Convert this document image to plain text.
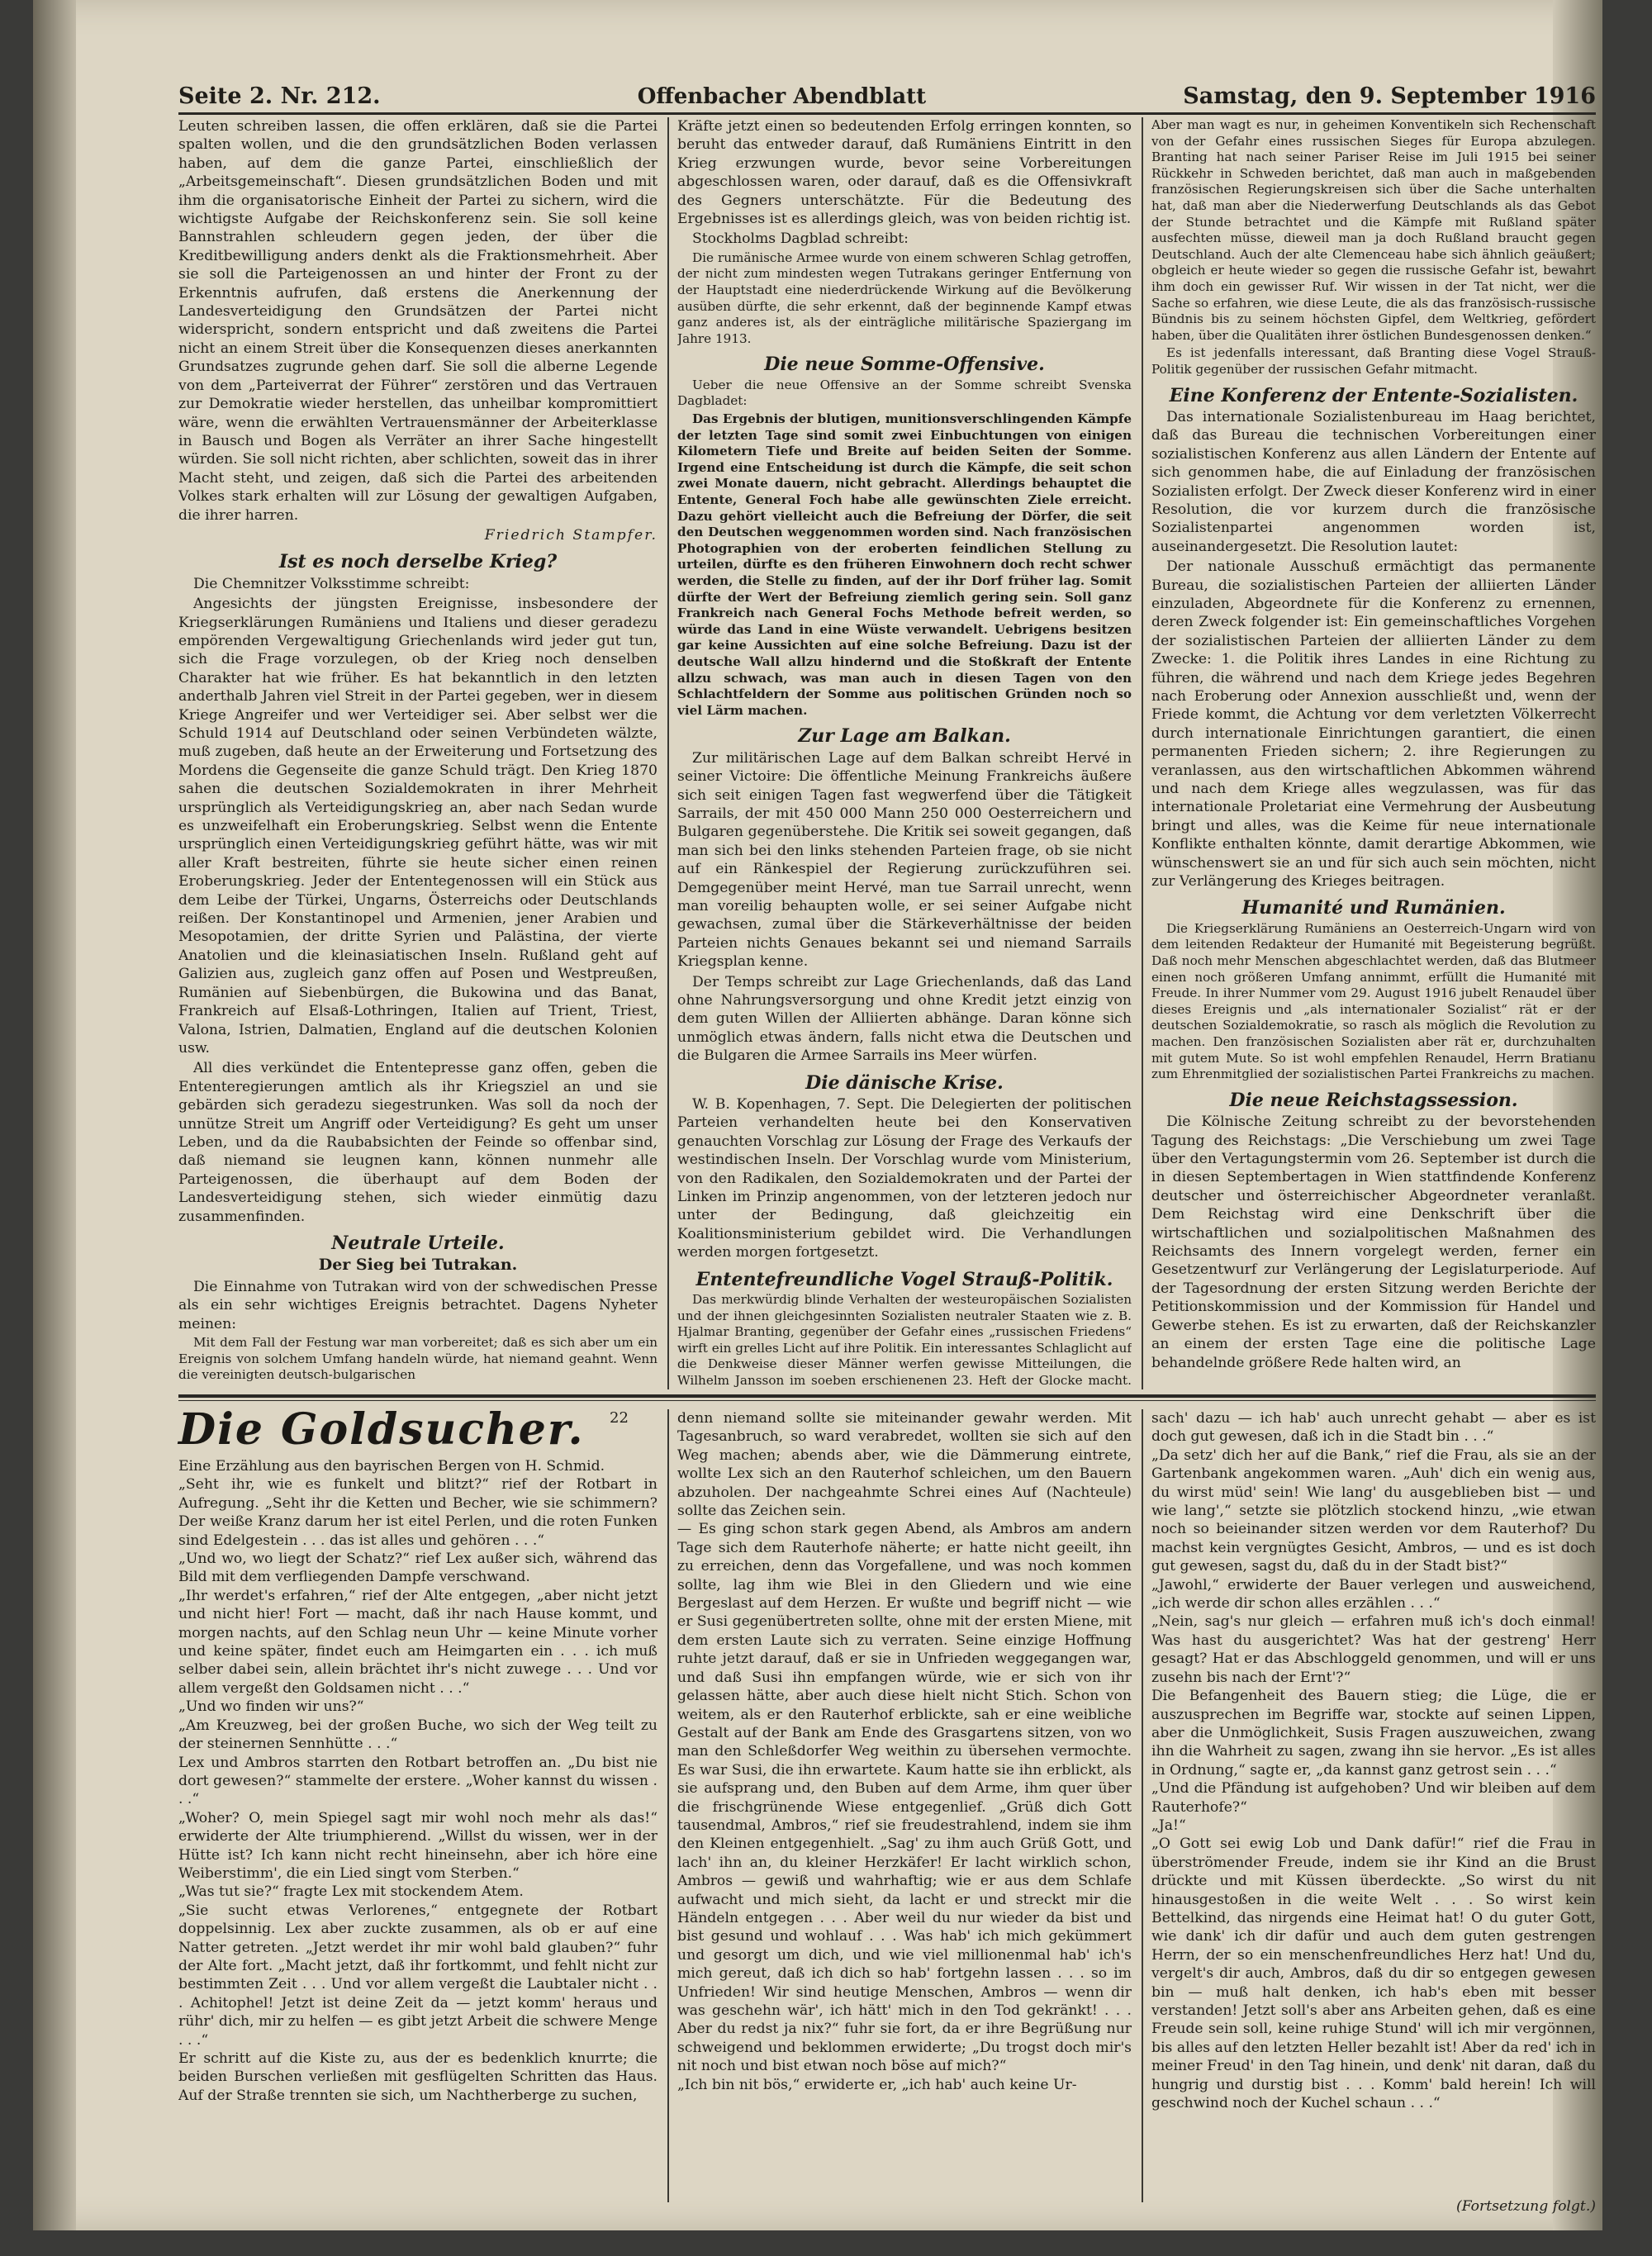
Seite 2. Nr. 212.	Offenbacher Abendblatt	Samstag, den 9. September 1916

Leuten schreiben lassen, die offen erklären, daß sie die Partei spalten wollen, und die den grundsätzlichen Boden verlassen haben, auf dem die ganze Partei, einschließlich der „Arbeitsgemeinschaft“. Diesen grundsätzlichen Boden und mit ihm die organisatorische Einheit der Partei zu sichern, wird die wichtigste Aufgabe der Reichskonferenz sein. Sie soll keine Bannstrahlen schleudern gegen jeden, der über die Kreditbewilligung anders denkt als die Fraktionsmehrheit. Aber sie soll die Parteigenossen an und hinter der Front zu der Erkenntnis aufrufen, daß erstens die Anerkennung der Landesverteidigung den Grundsätzen der Partei nicht widerspricht, sondern entspricht und daß zweitens die Partei nicht an einem Streit über die Konsequenzen dieses anerkannten Grundsatzes zugrunde gehen darf. Sie soll die alberne Legende von dem „Parteiverrat der Führer“ zerstören und das Vertrauen zur Demokratie wieder herstellen, das unheilbar kompromittiert wäre, wenn die erwählten Vertrauensmänner der Arbeiterklasse in Bausch und Bogen als Verräter an ihrer Sache hingestellt würden. Sie soll nicht richten, aber schlichten, soweit das in ihrer Macht steht, und zeigen, daß sich die Partei des arbeitenden Volkes stark erhalten will zur Lösung der gewaltigen Aufgaben, die ihrer harren.

Friedrich Stampfer.
Ist es noch derselbe Krieg?

Die Chemnitzer Volksstimme schreibt:

Angesichts der jüngsten Ereignisse, insbesondere der Kriegserklärungen Rumäniens und Italiens und dieser geradezu empörenden Vergewaltigung Griechenlands wird jeder gut tun, sich die Frage vorzulegen, ob der Krieg noch denselben Charakter hat wie früher. Es hat bekanntlich in den letzten anderthalb Jahren viel Streit in der Partei gegeben, wer in diesem Kriege Angreifer und wer Verteidiger sei. Aber selbst wer die Schuld 1914 auf Deutschland oder seinen Verbündeten wälzte, muß zugeben, daß heute an der Erweiterung und Fortsetzung des Mordens die Gegenseite die ganze Schuld trägt. Den Krieg 1870 sahen die deutschen Sozialdemokraten in ihrer Mehrheit ursprünglich als Verteidigungskrieg an, aber nach Sedan wurde es unzweifelhaft ein Eroberungskrieg. Selbst wenn die Entente ursprünglich einen Verteidigungskrieg geführt hätte, was wir mit aller Kraft bestreiten, führte sie heute sicher einen reinen Eroberungskrieg. Jeder der Ententegenossen will ein Stück aus dem Leibe der Türkei, Ungarns, Österreichs oder Deutschlands reißen. Der Konstantinopel und Armenien, jener Arabien und Mesopotamien, der dritte Syrien und Palästina, der vierte Anatolien und die kleinasiatischen Inseln. Rußland geht auf Galizien aus, zugleich ganz offen auf Posen und Westpreußen, Rumänien auf Siebenbürgen, die Bukowina und das Banat, Frankreich auf Elsaß-Lothringen, Italien auf Trient, Triest, Valona, Istrien, Dalmatien, England auf die deutschen Kolonien usw.

All dies verkündet die Ententepresse ganz offen, geben die Ententeregierungen amtlich als ihr Kriegsziel an und sie gebärden sich geradezu siegestrunken. Was soll da noch der unnütze Streit um Angriff oder Verteidigung? Es geht um unser Leben, und da die Raubabsichten der Feinde so offenbar sind, daß niemand sie leugnen kann, können nunmehr alle Parteigenossen, die überhaupt auf dem Boden der Landesverteidigung stehen, sich wieder einmütig dazu zusammenfinden.

Neutrale Urteile.
Der Sieg bei Tutrakan.

Die Einnahme von Tutrakan wird von der schwedischen Presse als ein sehr wichtiges Ereignis betrachtet. Dagens Nyheter meinen:

Mit dem Fall der Festung war man vorbereitet; daß es sich aber um ein Ereignis von solchem Umfang handeln würde, hat niemand geahnt. Wenn die vereinigten deutsch-bulgarischen

Kräfte jetzt einen so bedeutenden Erfolg erringen konnten, so beruht das entweder darauf, daß Rumäniens Eintritt in den Krieg erzwungen wurde, bevor seine Vorbereitungen abgeschlossen waren, oder darauf, daß es die Offensivkraft des Gegners unterschätzte. Für die Bedeutung des Ergebnisses ist es allerdings gleich, was von beiden richtig ist.

Stockholms Dagblad schreibt:

Die rumänische Armee wurde von einem schweren Schlag getroffen, der nicht zum mindesten wegen Tutrakans geringer Entfernung von der Hauptstadt eine niederdrückende Wirkung auf die Bevölkerung ausüben dürfte, die sehr erkennt, daß der beginnende Kampf etwas ganz anderes ist, als der einträgliche militärische Spaziergang im Jahre 1913.

Die neue Somme-Offensive.

Ueber die neue Offensive an der Somme schreibt Svenska Dagbladet:

Das Ergebnis der blutigen, munitionsverschlingenden Kämpfe der letzten Tage sind somit zwei Einbuchtungen von einigen Kilometern Tiefe und Breite auf beiden Seiten der Somme. Irgend eine Entscheidung ist durch die Kämpfe, die seit schon zwei Monate dauern, nicht gebracht. Allerdings behauptet die Entente, General Foch habe alle gewünschten Ziele erreicht. Dazu gehört vielleicht auch die Befreiung der Dörfer, die seit den Deutschen weggenommen worden sind. Nach französischen Photographien von der eroberten feindlichen Stellung zu urteilen, dürfte es den früheren Einwohnern doch recht schwer werden, die Stelle zu finden, auf der ihr Dorf früher lag. Somit dürfte der Wert der Befreiung ziemlich gering sein. Soll ganz Frankreich nach General Fochs Methode befreit werden, so würde das Land in eine Wüste verwandelt. Uebrigens besitzen gar keine Aussichten auf eine solche Befreiung. Dazu ist der deutsche Wall allzu hindernd und die Stoßkraft der Entente allzu schwach, was man auch in diesen Tagen von den Schlachtfeldern der Somme aus politischen Gründen noch so viel Lärm machen.

Zur Lage am Balkan.

Zur militärischen Lage auf dem Balkan schreibt Hervé in seiner Victoire: Die öffentliche Meinung Frankreichs äußere sich seit einigen Tagen fast wegwerfend über die Tätigkeit Sarrails, der mit 450 000 Mann 250 000 Oesterreichern und Bulgaren gegenüberstehe. Die Kritik sei soweit gegangen, daß man sich bei den links stehenden Parteien frage, ob sie nicht auf ein Ränkespiel der Regierung zurückzuführen sei. Demgegenüber meint Hervé, man tue Sarrail unrecht, wenn man voreilig behaupten wolle, er sei seiner Aufgabe nicht gewachsen, zumal über die Stärkeverhältnisse der beiden Parteien nichts Genaues bekannt sei und niemand Sarrails Kriegsplan kenne.

Der Temps schreibt zur Lage Griechenlands, daß das Land ohne Nahrungsversorgung und ohne Kredit jetzt einzig von dem guten Willen der Alliierten abhänge. Daran könne sich unmöglich etwas ändern, falls nicht etwa die Deutschen und die Bulgaren die Armee Sarrails ins Meer würfen.

Die dänische Krise.

W. B. Kopenhagen, 7. Sept. Die Delegierten der politischen Parteien verhandelten heute bei den Konservativen genauchten Vorschlag zur Lösung der Frage des Verkaufs der westindischen Inseln. Der Vorschlag wurde vom Ministerium, von den Radikalen, den Sozialdemokraten und der Partei der Linken im Prinzip angenommen, von der letzteren jedoch nur unter der Bedingung, daß gleichzeitig ein Koalitionsministerium gebildet wird. Die Verhandlungen werden morgen fortgesetzt.

Ententefreundliche Vogel Strauß-Politik.

Das merkwürdig blinde Verhalten der westeuropäischen Sozialisten und der ihnen gleichgesinnten Sozialisten neutraler Staaten wie z. B. Hjalmar Branting, gegenüber der Gefahr eines „russischen Friedens“ wirft ein grelles Licht auf ihre Politik. Ein interessantes Schlaglicht auf die Denkweise dieser Männer werfen gewisse Mitteilungen, die Wilhelm Jansson im soeben erschienenen 23. Heft der Glocke macht.

Aber man wagt es nur, in geheimen Konventikeln sich Rechenschaft von der Gefahr eines russischen Sieges für Europa abzulegen. Branting hat nach seiner Pariser Reise im Juli 1915 bei seiner Rückkehr in Schweden berichtet, daß man auch in maßgebenden französischen Regierungskreisen sich über die Sache unterhalten hat, daß man aber die Niederwerfung Deutschlands als das Gebot der Stunde betrachtet und die Kämpfe mit Rußland später ausfechten müsse, dieweil man ja doch Rußland braucht gegen Deutschland. Auch der alte Clemenceau habe sich ähnlich geäußert; obgleich er heute wieder so gegen die russische Gefahr ist, bewahrt ihm doch ein gewisser Ruf. Wir wissen in der Tat nicht, wer die Sache so erfahren, wie diese Leute, die als das französisch-russische Bündnis bis zu seinem höchsten Gipfel, dem Weltkrieg, gefördert haben, über die Qualitäten ihrer östlichen Bundesgenossen denken.“

Es ist jedenfalls interessant, daß Branting diese Vogel Strauß-Politik gegenüber der russischen Gefahr mitmacht.

Eine Konferenz der Entente-Sozialisten.

Das internationale Sozialistenbureau im Haag berichtet, daß das Bureau die technischen Vorbereitungen einer sozialistischen Konferenz aus allen Ländern der Entente auf sich genommen habe, die auf Einladung der französischen Sozialisten erfolgt. Der Zweck dieser Konferenz wird in einer Resolution, die vor kurzem durch die französische Sozialistenpartei angenommen worden ist, auseinandergesetzt. Die Resolution lautet:

Der nationale Ausschuß ermächtigt das permanente Bureau, die sozialistischen Parteien der alliierten Länder einzuladen, Abgeordnete für die Konferenz zu ernennen, deren Zweck folgender ist: Ein gemeinschaftliches Vorgehen der sozialistischen Parteien der alliierten Länder zu dem Zwecke: 1. die Politik ihres Landes in eine Richtung zu führen, die während und nach dem Kriege jedes Begehren nach Eroberung oder Annexion ausschließt und, wenn der Friede kommt, die Achtung vor dem verletzten Völkerrecht durch internationale Einrichtungen garantiert, die einen permanenten Frieden sichern; 2. ihre Regierungen zu veranlassen, aus den wirtschaftlichen Abkommen während und nach dem Kriege alles wegzulassen, was für das internationale Proletariat eine Vermehrung der Ausbeutung bringt und alles, was die Keime für neue internationale Konflikte enthalten könnte, damit derartige Abkommen, wie wünschenswert sie an und für sich auch sein möchten, nicht zur Verlängerung des Krieges beitragen.

Humanité und Rumänien.

Die Kriegserklärung Rumäniens an Oesterreich-Ungarn wird von dem leitenden Redakteur der Humanité mit Begeisterung begrüßt. Daß noch mehr Menschen abgeschlachtet werden, daß das Blutmeer einen noch größeren Umfang annimmt, erfüllt die Humanité mit Freude. In ihrer Nummer vom 29. August 1916 jubelt Renaudel über dieses Ereignis und „als internationaler Sozialist“ rät er der deutschen Sozialdemokratie, so rasch als möglich die Revolution zu machen. Den französischen Sozialisten aber rät er, durchzuhalten mit gutem Mute. So ist wohl empfehlen Renaudel, Herrn Bratianu zum Ehrenmitglied der sozialistischen Partei Frankreichs zu machen.

Die neue Reichstagssession.

Die Kölnische Zeitung schreibt zu der bevorstehenden Tagung des Reichstags: „Die Verschiebung um zwei Tage über den Vertagungstermin vom 26. September ist durch die in diesen Septembertagen in Wien stattfindende Konferenz deutscher und österreichischer Abgeordneter veranlaßt. Dem Reichstag wird eine Denkschrift über die wirtschaftlichen und sozialpolitischen Maßnahmen des Reichsamts des Innern vorgelegt werden, ferner ein Gesetzentwurf zur Verlängerung der Legislaturperiode. Auf der Tagesordnung der ersten Sitzung werden Berichte der Petitionskommission und der Kommission für Handel und Gewerbe stehen. Es ist zu erwarten, daß der Reichskanzler an einem der ersten Tage eine die politische Lage behandelnde größere Rede halten wird, an

Die Goldsucher. 22
Eine Erzählung aus den bayrischen Bergen von H. Schmid.
„Seht ihr, wie es funkelt und blitzt?“ rief der Rotbart in Aufregung. „Seht ihr die Ketten und Becher, wie sie schimmern? Der weiße Kranz darum her ist eitel Perlen, und die roten Funken sind Edelgestein . . . das ist alles und gehören . . .“
„Und wo, wo liegt der Schatz?“ rief Lex außer sich, während das Bild mit dem verfliegenden Dampfe verschwand.
„Ihr werdet's erfahren,“ rief der Alte entgegen, „aber nicht jetzt und nicht hier! Fort — macht, daß ihr nach Hause kommt, und morgen nachts, auf den Schlag neun Uhr — keine Minute vorher und keine später, findet euch am Heimgarten ein . . . ich muß selber dabei sein, allein brächtet ihr's nicht zuwege . . . Und vor allem vergeßt den Goldsamen nicht . . .“
„Und wo finden wir uns?“
„Am Kreuzweg, bei der großen Buche, wo sich der Weg teilt zu der steinernen Sennhütte . . .“
Lex und Ambros starrten den Rotbart betroffen an. „Du bist nie dort gewesen?“ stammelte der erstere. „Woher kannst du wissen . . .“
„Woher? O, mein Spiegel sagt mir wohl noch mehr als das!“ erwiderte der Alte triumphierend. „Willst du wissen, wer in der Hütte ist? Ich kann nicht recht hineinsehn, aber ich höre eine Weiberstimm', die ein Lied singt vom Sterben.“
„Was tut sie?“ fragte Lex mit stockendem Atem.
„Sie sucht etwas Verlorenes,“ entgegnete der Rotbart doppelsinnig. Lex aber zuckte zusammen, als ob er auf eine Natter getreten. „Jetzt werdet ihr mir wohl bald glauben?“ fuhr der Alte fort. „Macht jetzt, daß ihr fortkommt, und fehlt nicht zur bestimmten Zeit . . . Und vor allem vergeßt die Laubtaler nicht . . . Achitophel! Jetzt ist deine Zeit da — jetzt komm' heraus und rühr' dich, mir zu helfen — es gibt jetzt Arbeit die schwere Menge . . .“
Er schritt auf die Kiste zu, aus der es bedenklich knurrte; die beiden Burschen verließen mit gesflügelten Schritten das Haus. Auf der Straße trennten sie sich, um Nachtherberge zu suchen,
denn niemand sollte sie miteinander gewahr werden. Mit Tagesanbruch, so ward verabredet, wollten sie sich auf den Weg machen; abends aber, wie die Dämmerung eintrete, wollte Lex sich an den Rauterhof schleichen, um den Bauern abzuholen. Der nachgeahmte Schrei eines Auf (Nachteule) sollte das Zeichen sein.
— Es ging schon stark gegen Abend, als Ambros am andern Tage sich dem Rauterhofe näherte; er hatte nicht geeilt, ihn zu erreichen, denn das Vorgefallene, und was noch kommen sollte, lag ihm wie Blei in den Gliedern und wie eine Bergeslast auf dem Herzen. Er wußte und begriff nicht — wie er Susi gegenübertreten sollte, ohne mit der ersten Miene, mit dem ersten Laute sich zu verraten. Seine einzige Hoffnung ruhte jetzt darauf, daß er sie in Unfrieden weggegangen war, und daß Susi ihn empfangen würde, wie er sich von ihr gelassen hätte, aber auch diese hielt nicht Stich. Schon von weitem, als er den Rauterhof erblickte, sah er eine weibliche Gestalt auf der Bank am Ende des Grasgartens sitzen, von wo man den Schleßdorfer Weg weithin zu übersehen vermochte. Es war Susi, die ihn erwartete. Kaum hatte sie ihn erblickt, als sie aufsprang und, den Buben auf dem Arme, ihm quer über die frischgrünende Wiese entgegenlief. „Grüß dich Gott tausendmal, Ambros,“ rief sie freudestrahlend, indem sie ihm den Kleinen entgegenhielt. „Sag' zu ihm auch Grüß Gott, und lach' ihn an, du kleiner Herzkäfer! Er lacht wirklich schon, Ambros — gewiß und wahrhaftig; wie er aus dem Schlafe aufwacht und mich sieht, da lacht er und streckt mir die Händeln entgegen . . . Aber weil du nur wieder da bist und bist gesund und wohlauf . . . Was hab' ich mich gekümmert und gesorgt um dich, und wie viel millionenmal hab' ich's mich gereut, daß ich dich so hab' fortgehn lassen . . . so im Unfrieden! Wir sind heutige Menschen, Ambros — wenn dir was geschehn wär', ich hätt' mich in den Tod gekränkt! . . . Aber du redst ja nix?“ fuhr sie fort, da er ihre Begrüßung nur schweigend und beklommen erwiderte; „Du trogst doch mir's nit noch und bist etwan noch böse auf mich?“
„Ich bin nit bös,“ erwiderte er, „ich hab' auch keine Ur-
sach' dazu — ich hab' auch unrecht gehabt — aber es ist doch gut gewesen, daß ich in die Stadt bin . . .“
„Da setz' dich her auf die Bank,“ rief die Frau, als sie an der Gartenbank angekommen waren. „Auh' dich ein wenig aus, du wirst müd' sein! Wie lang' du ausgeblieben bist — und wie lang',“ setzte sie plötzlich stockend hinzu, „wie etwan noch so beieinander sitzen werden vor dem Rauterhof? Du machst kein vergnügtes Gesicht, Ambros, — und es ist doch gut gewesen, sagst du, daß du in der Stadt bist?“
„Jawohl,“ erwiderte der Bauer verlegen und ausweichend, „ich werde dir schon alles erzählen . . .“
„Nein, sag's nur gleich — erfahren muß ich's doch einmal! Was hast du ausgerichtet? Was hat der gestreng' Herr gesagt? Hat er das Abschloggeld genommen, und will er uns zusehn bis nach der Ernt'?“
Die Befangenheit des Bauern stieg; die Lüge, die er auszusprechen im Begriffe war, stockte auf seinen Lippen, aber die Unmöglichkeit, Susis Fragen auszuweichen, zwang ihn die Wahrheit zu sagen, zwang ihn sie hervor. „Es ist alles in Ordnung,“ sagte er, „da kannst ganz getrost sein . . .“
„Und die Pfändung ist aufgehoben? Und wir bleiben auf dem Rauterhofe?“
„Ja!“
„O Gott sei ewig Lob und Dank dafür!“ rief die Frau in überströmender Freude, indem sie ihr Kind an die Brust drückte und mit Küssen überdeckte. „So wirst du nit hinausgestoßen in die weite Welt . . . So wirst kein Bettelkind, das nirgends eine Heimat hat! O du guter Gott, wie dank' ich dir dafür und auch dem guten gestrengen Herrn, der so ein menschenfreundliches Herz hat! Und du, vergelt's dir auch, Ambros, daß du dir so entgegen gewesen bin — muß halt denken, ich hab's eben mit besser verstanden! Jetzt soll's aber ans Arbeiten gehen, daß es eine Freude sein soll, keine ruhige Stund' will ich mir vergönnen, bis alles auf den letzten Heller bezahlt ist! Aber da red' ich in meiner Freud' in den Tag hinein, und denk' nit daran, daß du hungrig und durstig bist . . . Komm' bald herein! Ich will geschwind noch der Kuchel schaun . . .“
(Fortsetzung folgt.)
